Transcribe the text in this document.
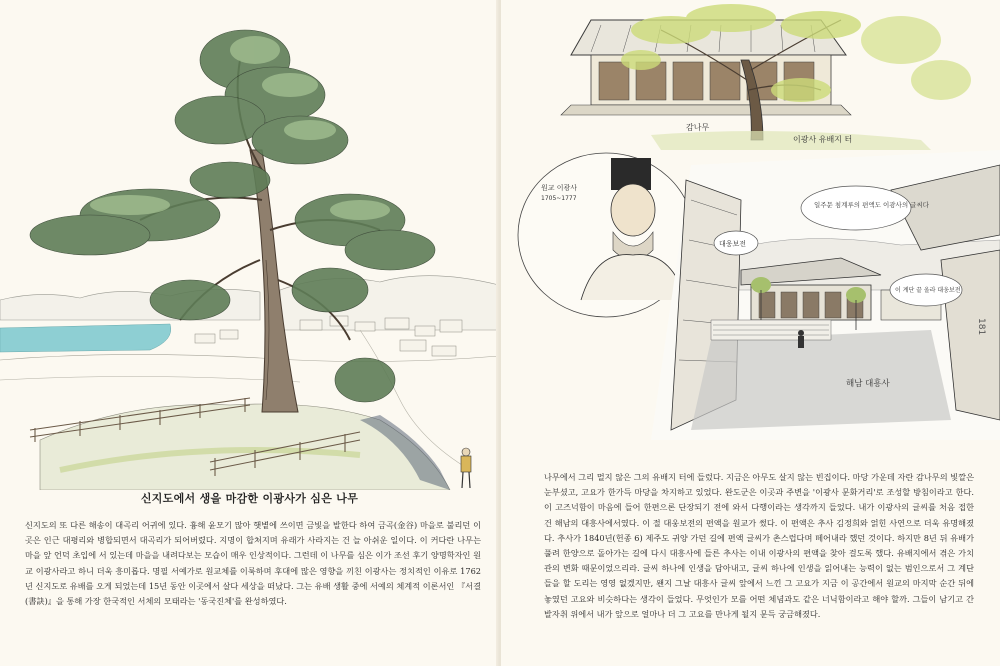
신지도에서 생을 마감한 이광사가 심은 나무

신지도의 또 다른 해송이 대곡리 어귀에 있다. 흉해 윤모기 많아 햇볕에 쓰이면 금빛을 발한다 하여 금곡(金谷) 마을로 불리던 이곳은 인근 대평리와 병합되면서 대곡리가 되어버렸다. 지명이 합쳐지며 유래가 사라지는 건 늘 아쉬운 일이다. 이 커다란 나무는 마을 앞 언덕 초입에 서 있는데 마을을 내려다보는 모습이 매우 인상적이다. 그런데 이 나무를 심은 이가 조선 후기 양명학자인 원교 이광사라고 하니 더욱 흥미롭다. 명필 서예가로 원교체를 이룩하며 후대에 많은 영향을 끼친 이광사는 정치적인 이유로 1762년 신지도로 유배를 오게 되었는데 15년 동안 이곳에서 살다 세상을 떠났다. 그는 유배 생활 중에 서예의 체계적 이론서인 『서결(書訣)』을 통해 가장 한국적인 서체의 모태라는 '동국진체'를 완성하였다.

감나무
이광사 유배지 터
원교 이광사
1705~1777
일주문 침계루의 편액도 이광사의 글씨다
대웅보전
이 계단 끝 올라 대웅보전
해남 대흥사

나무에서 그리 멀지 않은 그의 유배지 터에 들렀다. 지금은 아무도 살지 않는 빈집이다. 마당 가운데 자란 감나무의 빛깔은 눈부셨고, 고요가 한가득 마당을 차지하고 있었다. 완도군은 이곳과 주변을 '이광사 문화거리'로 조성할 방침이라고 한다. 이 고즈넉함이 마음에 들어 한편으론 단장되기 전에 와서 다행이라는 생각까지 들었다. 내가 이광사의 글씨를 처음 접한 건 해남의 대흥사에서였다. 이 절 대웅보전의 편액을 원교가 썼다. 이 편액은 추사 김정희와 얽힌 사연으로 더욱 유명해졌다. 추사가 1840년(헌종 6) 제주도 귀양 가던 길에 편액 글씨가 촌스럽다며 떼어내라 했던 것이다. 하지만 8년 뒤 유배가 풀려 한양으로 돌아가는 길에 다시 대흥사에 들른 추사는 이내 이광사의 편액을 찾아 걸도록 했다. 유배지에서 겪은 가치관의 변화 때문이었으리라. 글씨 하나에 인생을 담아내고, 글씨 하나에 인생을 읽어내는 능력이 없는 범인으로서 그 계단들을 할 도리는 영영 없겠지만, 왠지 그날 대흥사 글씨 앞에서 느낀 그 고요가 지금 이 공간에서 원교의 마지막 순간 뒤에 놓였던 고요와 비슷하다는 생각이 들었다. 무엇인가 모를 어떤 체념과도 같은 너닉함이라고 해야 할까. 그들이 남기고 간 발자취 위에서 내가 앞으로 얼마나 더 그 고요를 만나게 될지 문득 궁금해졌다.

181
